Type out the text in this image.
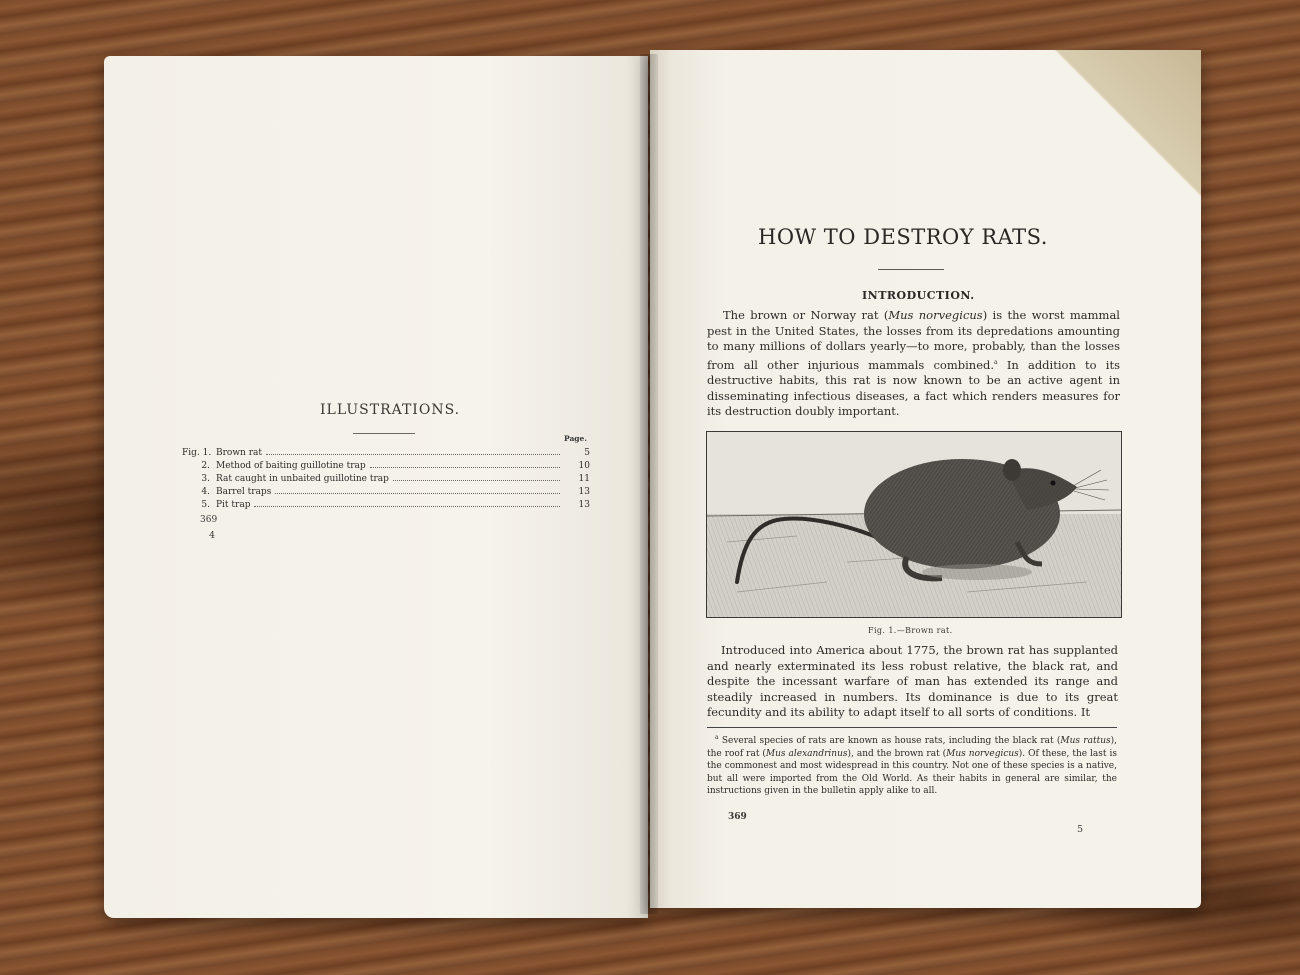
ILLUSTRATIONS.
Page.
Fig. 1. Brown rat	5
2. Method of baiting guillotine trap	10
3. Rat caught in unbaited guillotine trap	11
4. Barrel traps	13
5. Pit trap	13
369
4
HOW TO DESTROY RATS.
INTRODUCTION.

The brown or Norway rat (Mus norvegicus) is the worst mammal pest in the United States, the losses from its depredations amounting to many millions of dollars yearly—to more, probably, than the losses from all other injurious mammals combined.$^a$ In addition to its destructive habits, this rat is now known to be an active agent in disseminating infectious diseases, a fact which renders measures for its destruction doubly important.

Fig. 1.—Brown rat.

Introduced into America about 1775, the brown rat has supplanted and nearly exterminated its less robust relative, the black rat, and despite the incessant warfare of man has extended its range and steadily increased in numbers. Its dominance is due to its great fecundity and its ability to adapt itself to all sorts of conditions. It

$^a$ Several species of rats are known as house rats, including the black rat (Mus rattus), the roof rat (Mus alexandrinus), and the brown rat (Mus norvegicus). Of these, the last is the commonest and most widespread in this country. Not one of these species is a native, but all were imported from the Old World. As their habits in general are similar, the instructions given in the bulletin apply alike to all.

369
5
